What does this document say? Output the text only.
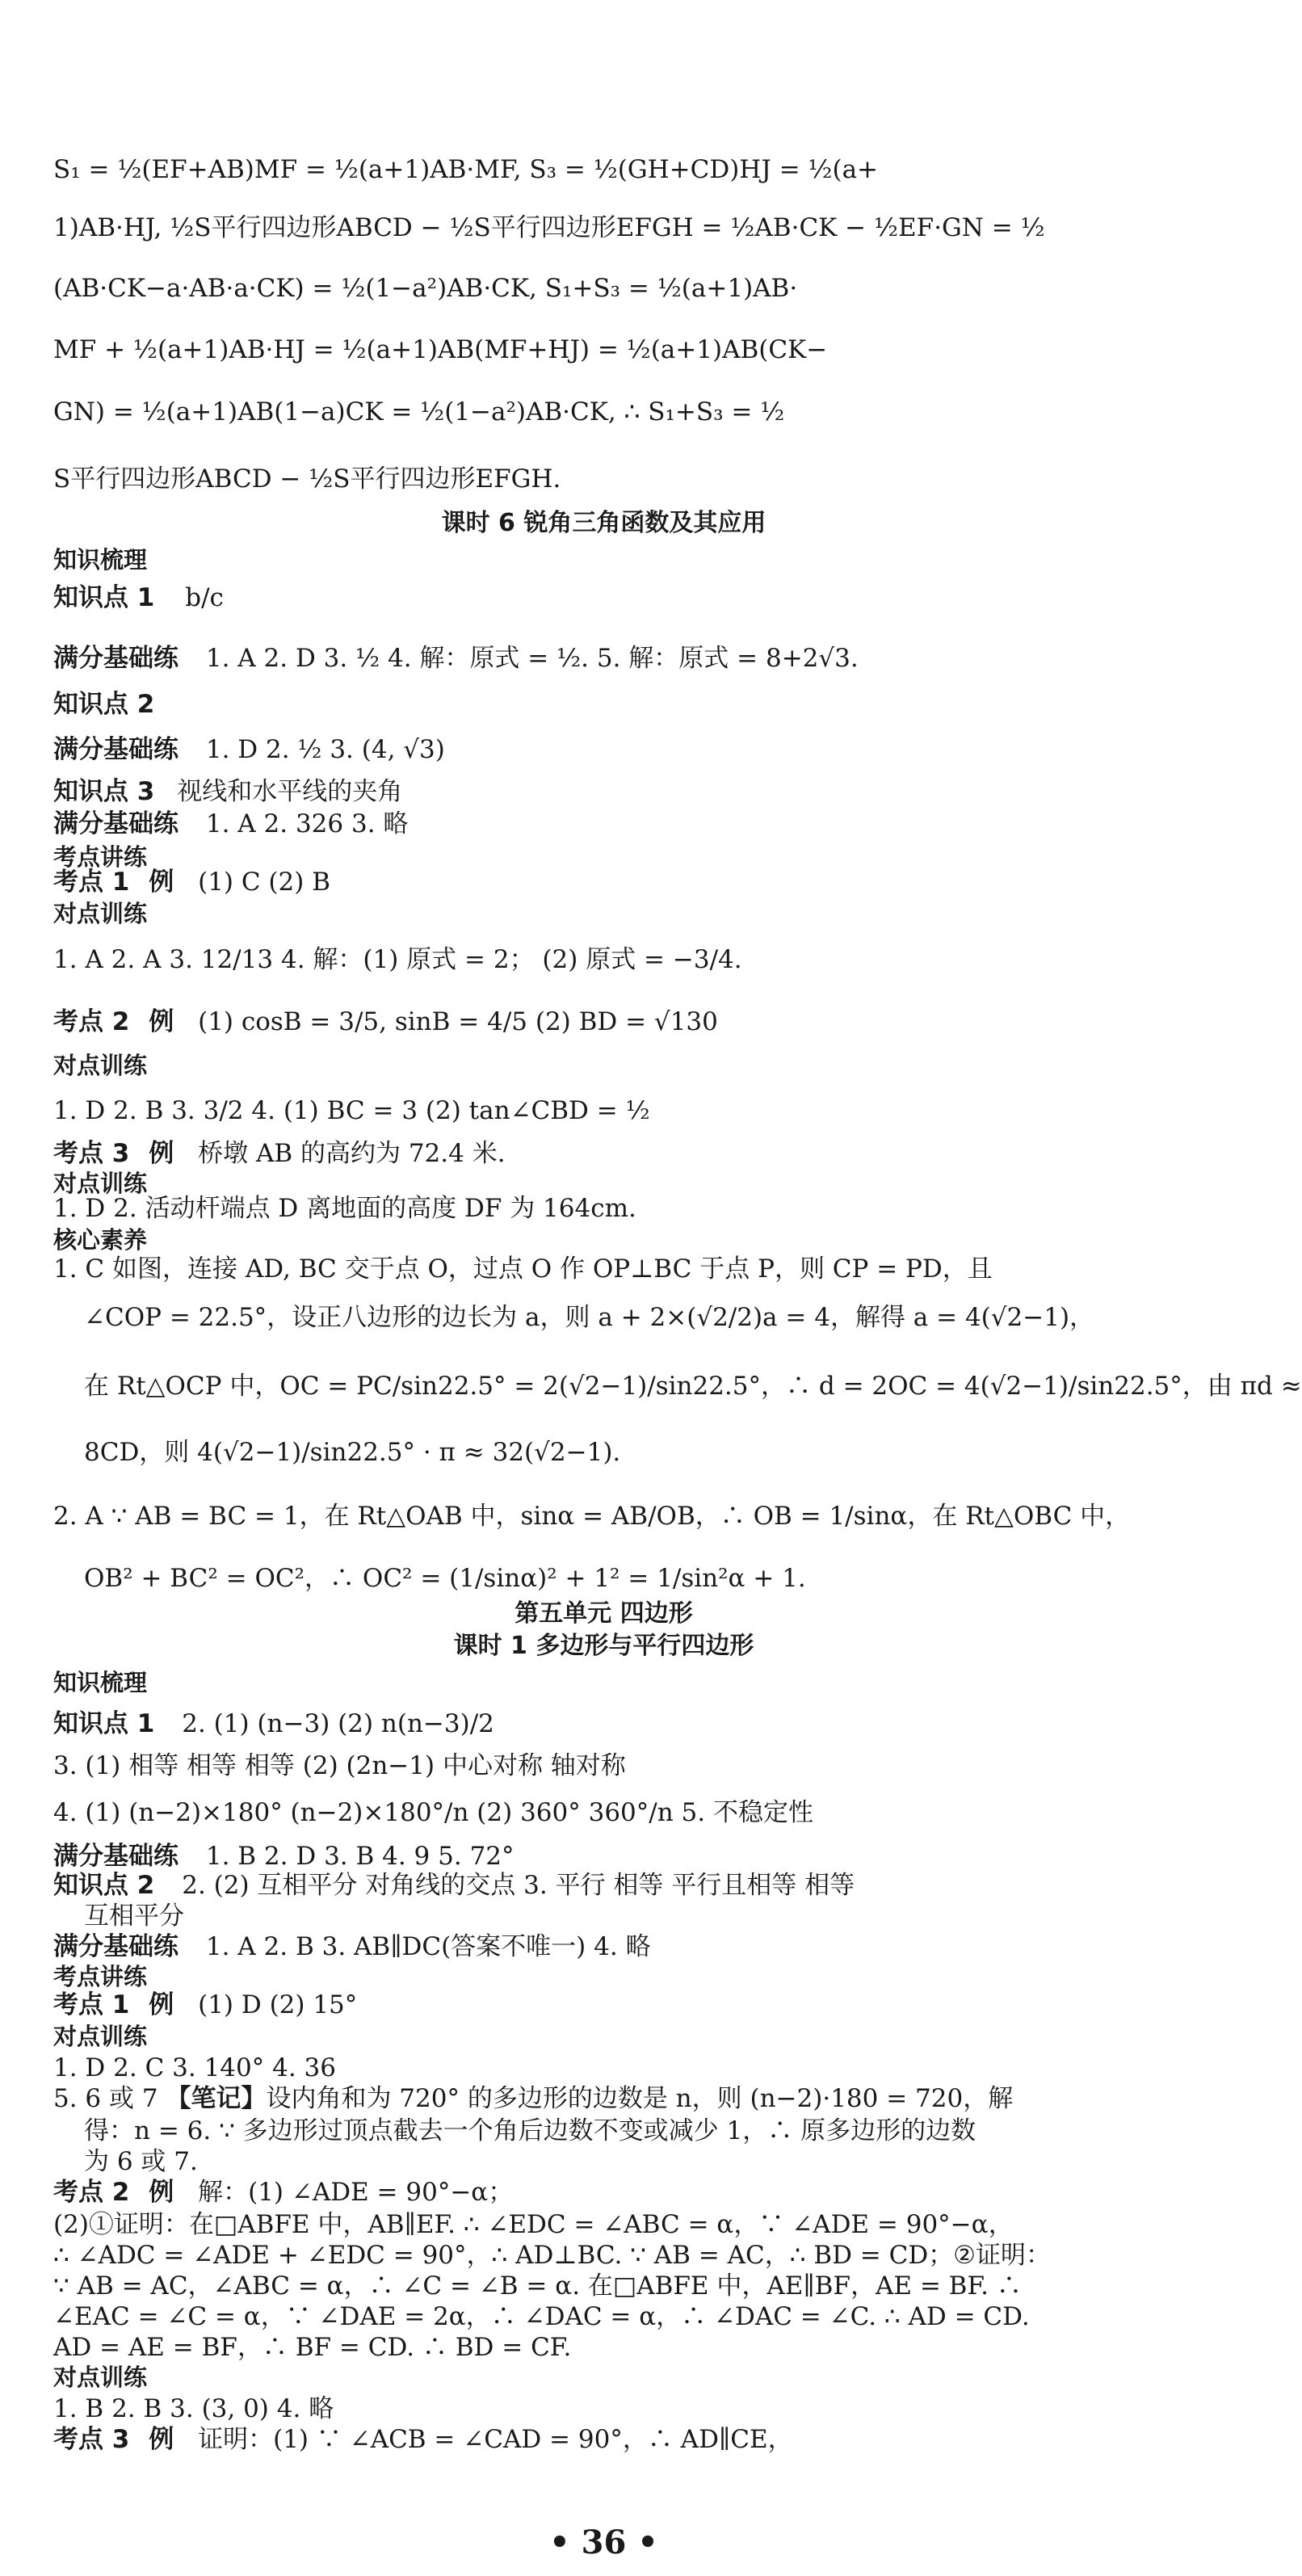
S₁ = ½(EF+AB)MF = ½(a+1)AB·MF, S₃ = ½(GH+CD)HJ = ½(a+
1)AB·HJ, ½S平行四边形ABCD − ½S平行四边形EFGH = ½AB·CK − ½EF·GN = ½
(AB·CK−a·AB·a·CK) = ½(1−a²)AB·CK, S₁+S₃ = ½(a+1)AB·
MF + ½(a+1)AB·HJ = ½(a+1)AB(MF+HJ) = ½(a+1)AB(CK−
GN) = ½(a+1)AB(1−a)CK = ½(1−a²)AB·CK, ∴ S₁+S₃ = ½
S平行四边形ABCD − ½S平行四边形EFGH.
课时 6 锐角三角函数及其应用
知识梳理
知识点 1 b/c
满分基础练 1. A 2. D 3. ½ 4. 解：原式 = ½. 5. 解：原式 = 8+2√3.
知识点 2
满分基础练 1. D 2. ½ 3. (4, √3)
知识点 3 视线和水平线的夹角
满分基础练 1. A 2. 326 3. 略
考点讲练
考点 1 例 (1) C (2) B
对点训练
1. A 2. A 3. 12/13 4. 解：(1) 原式 = 2； (2) 原式 = −3/4.
考点 2 例 (1) cosB = 3/5, sinB = 4/5 (2) BD = √130
对点训练
1. D 2. B 3. 3/2 4. (1) BC = 3 (2) tan∠CBD = ½
考点 3 例 桥墩 AB 的高约为 72.4 米.
对点训练
1. D 2. 活动杆端点 D 离地面的高度 DF 为 164cm.
核心素养
1. C 如图，连接 AD, BC 交于点 O，过点 O 作 OP⊥BC 于点 P，则 CP = PD，且
∠COP = 22.5°，设正八边形的边长为 a，则 a + 2×(√2/2)a = 4，解得 a = 4(√2−1)，
在 Rt△OCP 中，OC = PC/sin22.5° = 2(√2−1)/sin22.5°，∴ d = 2OC = 4(√2−1)/sin22.5°，由 πd ≈
8CD，则 4(√2−1)/sin22.5° · π ≈ 32(√2−1).
2. A ∵ AB = BC = 1，在 Rt△OAB 中，sinα = AB/OB，∴ OB = 1/sinα，在 Rt△OBC 中，
OB² + BC² = OC²，∴ OC² = (1/sinα)² + 1² = 1/sin²α + 1.
第五单元 四边形
课时 1 多边形与平行四边形
知识梳理
知识点 1 2. (1) (n−3) (2) n(n−3)/2
3. (1) 相等 相等 相等 (2) (2n−1) 中心对称 轴对称
4. (1) (n−2)×180° (n−2)×180°/n (2) 360° 360°/n 5. 不稳定性
满分基础练 1. B 2. D 3. B 4. 9 5. 72°
知识点 2 2. (2) 互相平分 对角线的交点 3. 平行 相等 平行且相等 相等
互相平分
满分基础练 1. A 2. B 3. AB∥DC(答案不唯一) 4. 略
考点讲练
考点 1 例 (1) D (2) 15°
对点训练
1. D 2. C 3. 140° 4. 36
5. 6 或 7 【笔记】设内角和为 720° 的多边形的边数是 n，则 (n−2)·180 = 720，解
得：n = 6. ∵ 多边形过顶点截去一个角后边数不变或减少 1，∴ 原多边形的边数
为 6 或 7.
考点 2 例 解：(1) ∠ADE = 90°−α；
(2)①证明：在□ABFE 中，AB∥EF. ∴ ∠EDC = ∠ABC = α，∵ ∠ADE = 90°−α，
∴ ∠ADC = ∠ADE + ∠EDC = 90°，∴ AD⊥BC. ∵ AB = AC，∴ BD = CD；②证明：
∵ AB = AC，∠ABC = α，∴ ∠C = ∠B = α. 在□ABFE 中，AE∥BF，AE = BF. ∴
∠EAC = ∠C = α，∵ ∠DAE = 2α，∴ ∠DAC = α，∴ ∠DAC = ∠C. ∴ AD = CD.
AD = AE = BF，∴ BF = CD. ∴ BD = CF.
对点训练
1. B 2. B 3. (3, 0) 4. 略
考点 3 例 证明：(1) ∵ ∠ACB = ∠CAD = 90°，∴ AD∥CE，
• 36 •
